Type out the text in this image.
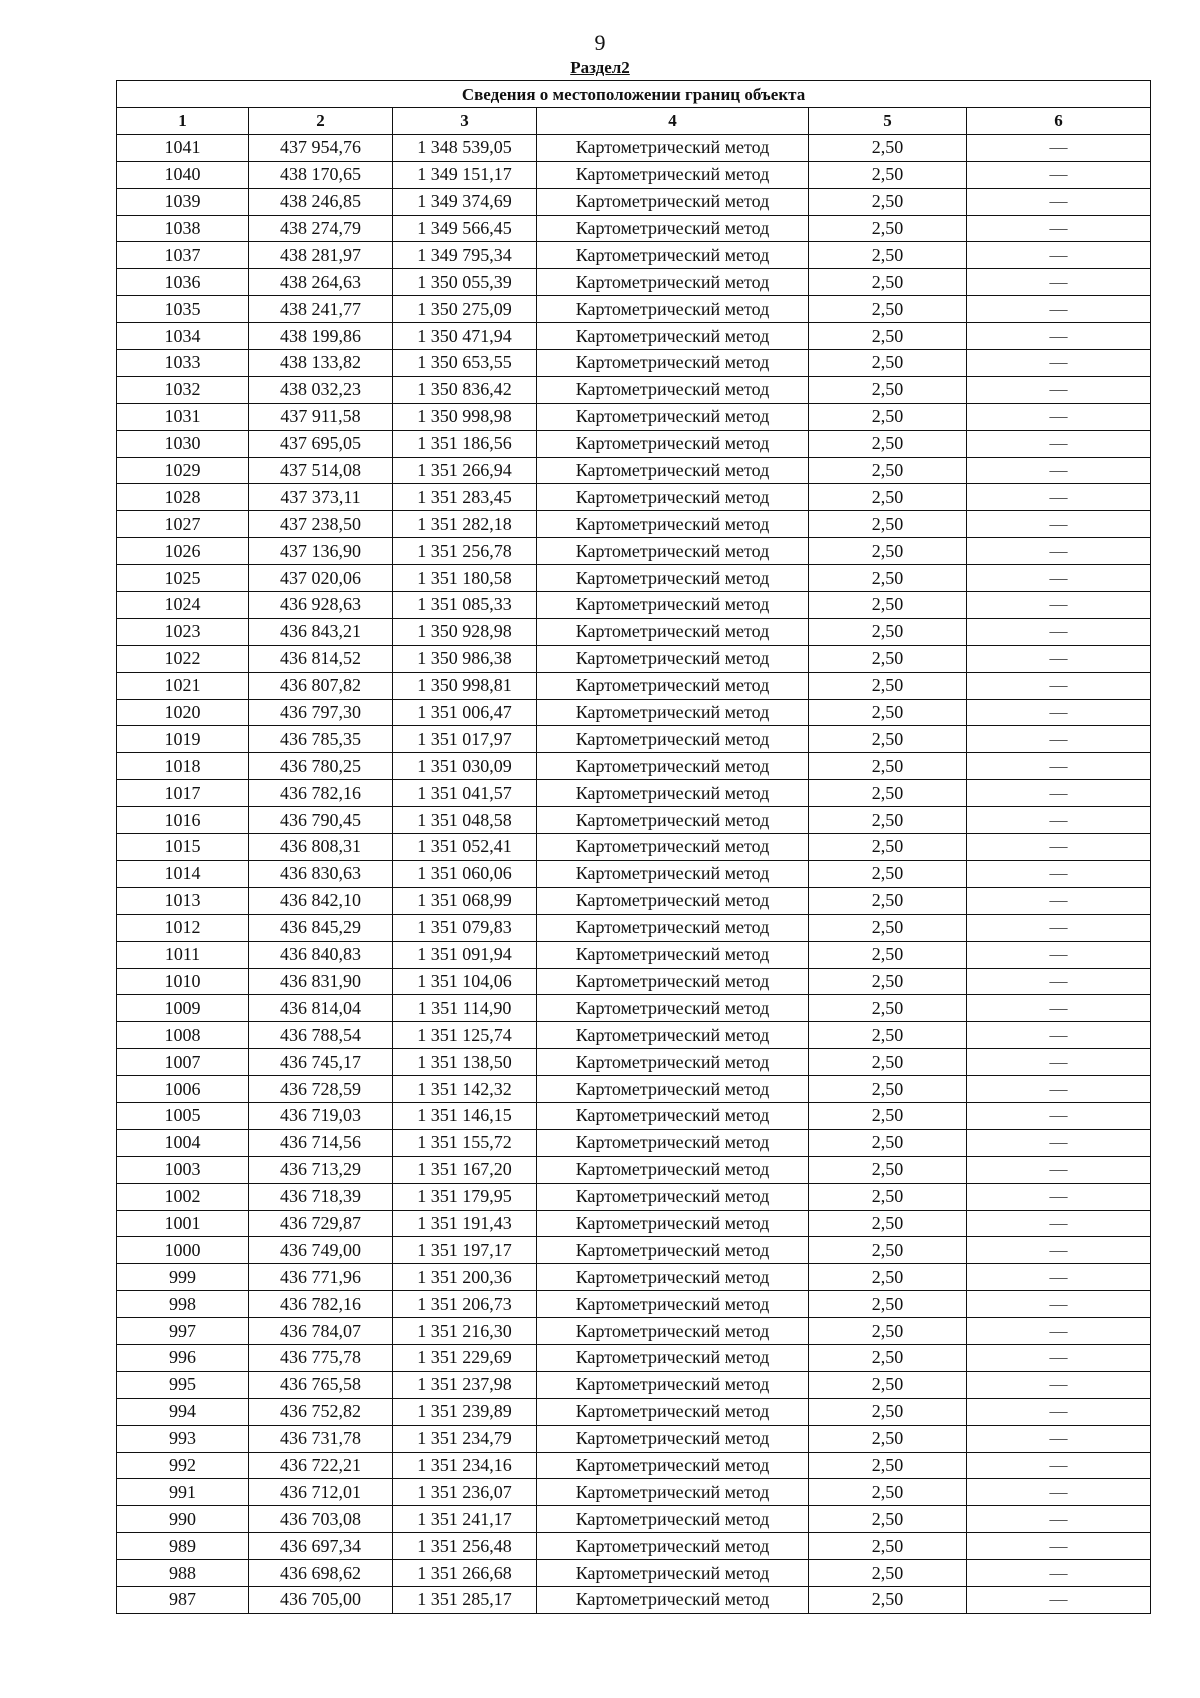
9
Раздел2
Сведения о местоположении границ объекта					
1	2	3	4	5	6
1041	437 954,76	1 348 539,05	Картометрический метод	2,50	—
1040	438 170,65	1 349 151,17	Картометрический метод	2,50	—
1039	438 246,85	1 349 374,69	Картометрический метод	2,50	—
1038	438 274,79	1 349 566,45	Картометрический метод	2,50	—
1037	438 281,97	1 349 795,34	Картометрический метод	2,50	—
1036	438 264,63	1 350 055,39	Картометрический метод	2,50	—
1035	438 241,77	1 350 275,09	Картометрический метод	2,50	—
1034	438 199,86	1 350 471,94	Картометрический метод	2,50	—
1033	438 133,82	1 350 653,55	Картометрический метод	2,50	—
1032	438 032,23	1 350 836,42	Картометрический метод	2,50	—
1031	437 911,58	1 350 998,98	Картометрический метод	2,50	—
1030	437 695,05	1 351 186,56	Картометрический метод	2,50	—
1029	437 514,08	1 351 266,94	Картометрический метод	2,50	—
1028	437 373,11	1 351 283,45	Картометрический метод	2,50	—
1027	437 238,50	1 351 282,18	Картометрический метод	2,50	—
1026	437 136,90	1 351 256,78	Картометрический метод	2,50	—
1025	437 020,06	1 351 180,58	Картометрический метод	2,50	—
1024	436 928,63	1 351 085,33	Картометрический метод	2,50	—
1023	436 843,21	1 350 928,98	Картометрический метод	2,50	—
1022	436 814,52	1 350 986,38	Картометрический метод	2,50	—
1021	436 807,82	1 350 998,81	Картометрический метод	2,50	—
1020	436 797,30	1 351 006,47	Картометрический метод	2,50	—
1019	436 785,35	1 351 017,97	Картометрический метод	2,50	—
1018	436 780,25	1 351 030,09	Картометрический метод	2,50	—
1017	436 782,16	1 351 041,57	Картометрический метод	2,50	—
1016	436 790,45	1 351 048,58	Картометрический метод	2,50	—
1015	436 808,31	1 351 052,41	Картометрический метод	2,50	—
1014	436 830,63	1 351 060,06	Картометрический метод	2,50	—
1013	436 842,10	1 351 068,99	Картометрический метод	2,50	—
1012	436 845,29	1 351 079,83	Картометрический метод	2,50	—
1011	436 840,83	1 351 091,94	Картометрический метод	2,50	—
1010	436 831,90	1 351 104,06	Картометрический метод	2,50	—
1009	436 814,04	1 351 114,90	Картометрический метод	2,50	—
1008	436 788,54	1 351 125,74	Картометрический метод	2,50	—
1007	436 745,17	1 351 138,50	Картометрический метод	2,50	—
1006	436 728,59	1 351 142,32	Картометрический метод	2,50	—
1005	436 719,03	1 351 146,15	Картометрический метод	2,50	—
1004	436 714,56	1 351 155,72	Картометрический метод	2,50	—
1003	436 713,29	1 351 167,20	Картометрический метод	2,50	—
1002	436 718,39	1 351 179,95	Картометрический метод	2,50	—
1001	436 729,87	1 351 191,43	Картометрический метод	2,50	—
1000	436 749,00	1 351 197,17	Картометрический метод	2,50	—
999	436 771,96	1 351 200,36	Картометрический метод	2,50	—
998	436 782,16	1 351 206,73	Картометрический метод	2,50	—
997	436 784,07	1 351 216,30	Картометрический метод	2,50	—
996	436 775,78	1 351 229,69	Картометрический метод	2,50	—
995	436 765,58	1 351 237,98	Картометрический метод	2,50	—
994	436 752,82	1 351 239,89	Картометрический метод	2,50	—
993	436 731,78	1 351 234,79	Картометрический метод	2,50	—
992	436 722,21	1 351 234,16	Картометрический метод	2,50	—
991	436 712,01	1 351 236,07	Картометрический метод	2,50	—
990	436 703,08	1 351 241,17	Картометрический метод	2,50	—
989	436 697,34	1 351 256,48	Картометрический метод	2,50	—
988	436 698,62	1 351 266,68	Картометрический метод	2,50	—
987	436 705,00	1 351 285,17	Картометрический метод	2,50	—
